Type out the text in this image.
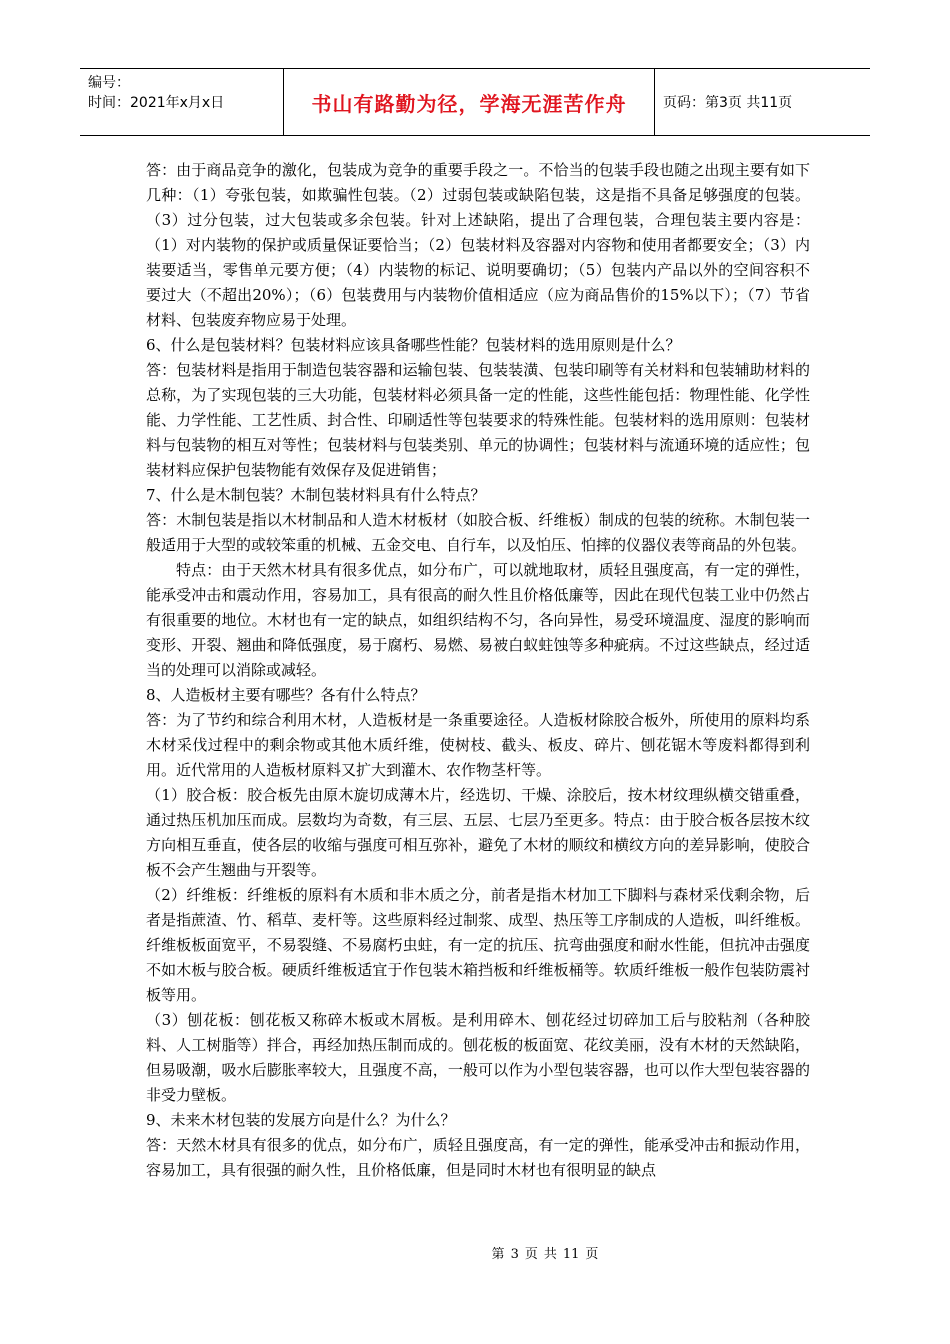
编号：
时间：2021年x月x日	书山有路勤为径，学海无涯苦作舟	页码：第3页 共11页

答：由于商品竞争的激化，包装成为竞争的重要手段之一。不恰当的包装手段也随之出现主要有如下几种：（1）夸张包装，如欺骗性包装。（2）过弱包装或缺陷包装，这是指不具备足够强度的包装。（3）过分包装，过大包装或多余包装。针对上述缺陷，提出了合理包装，合理包装主要内容是：（1）对内装物的保护或质量保证要恰当；（2）包装材料及容器对内容物和使用者都要安全；（3）内装要适当，零售单元要方便；（4）内装物的标记、说明要确切；（5）包装内产品以外的空间容积不要过大（不超出20%）；（6）包装费用与内装物价值相适应（应为商品售价的15%以下）；（7）节省材料、包装废弃物应易于处理。

6、什么是包装材料？包装材料应该具备哪些性能？包装材料的选用原则是什么？

答：包装材料是指用于制造包装容器和运输包装、包装装潢、包装印刷等有关材料和包装辅助材料的总称，为了实现包装的三大功能，包装材料必须具备一定的性能，这些性能包括：物理性能、化学性能、力学性能、工艺性质、封合性、印刷适性等包装要求的特殊性能。包装材料的选用原则：包装材料与包装物的相互对等性；包装材料与包装类别、单元的协调性；包装材料与流通环境的适应性；包装材料应保护包装物能有效保存及促进销售；

7、什么是木制包装？木制包装材料具有什么特点？

答：木制包装是指以木材制品和人造木材板材（如胶合板、纤维板）制成的包装的统称。木制包装一般适用于大型的或较笨重的机械、五金交电、自行车，以及怕压、怕摔的仪器仪表等商品的外包装。

特点：由于天然木材具有很多优点，如分布广，可以就地取材，质轻且强度高，有一定的弹性，能承受冲击和震动作用，容易加工，具有很高的耐久性且价格低廉等，因此在现代包装工业中仍然占有很重要的地位。木材也有一定的缺点，如组织结构不匀，各向异性，易受环境温度、湿度的影响而变形、开裂、翘曲和降低强度，易于腐朽、易燃、易被白蚁蛀蚀等多种疵病。不过这些缺点，经过适当的处理可以消除或减轻。

8、人造板材主要有哪些？各有什么特点？

答：为了节约和综合利用木材，人造板材是一条重要途径。人造板材除胶合板外，所使用的原料均系木材采伐过程中的剩余物或其他木质纤维，使树枝、截头、板皮、碎片、刨花锯木等废料都得到利用。近代常用的人造板材原料又扩大到灌木、农作物茎杆等。

（1）胶合板：胶合板先由原木旋切成薄木片，经选切、干燥、涂胶后，按木材纹理纵横交错重叠，通过热压机加压而成。层数均为奇数，有三层、五层、七层乃至更多。特点：由于胶合板各层按木纹方向相互垂直，使各层的收缩与强度可相互弥补，避免了木材的顺纹和横纹方向的差异影响，使胶合板不会产生翘曲与开裂等。

（2）纤维板：纤维板的原料有木质和非木质之分，前者是指木材加工下脚料与森材采伐剩余物，后者是指蔗渣、竹、稻草、麦杆等。这些原料经过制浆、成型、热压等工序制成的人造板，叫纤维板。纤维板板面宽平，不易裂缝、不易腐朽虫蛀，有一定的抗压、抗弯曲强度和耐水性能，但抗冲击强度不如木板与胶合板。硬质纤维板适宜于作包装木箱挡板和纤维板桶等。软质纤维板一般作包装防震衬板等用。

（3）刨花板：刨花板又称碎木板或木屑板。是利用碎木、刨花经过切碎加工后与胶粘剂（各种胶料、人工树脂等）拌合，再经加热压制而成的。刨花板的板面宽、花纹美丽，没有木材的天然缺陷，但易吸潮，吸水后膨胀率较大，且强度不高，一般可以作为小型包装容器，也可以作大型包装容器的非受力壁板。

9、未来木材包装的发展方向是什么？为什么？

答：天然木材具有很多的优点，如分布广，质轻且强度高，有一定的弹性，能承受冲击和振动作用，容易加工，具有很强的耐久性，且价格低廉，但是同时木材也有很明显的缺点

第 3 页 共 11 页
